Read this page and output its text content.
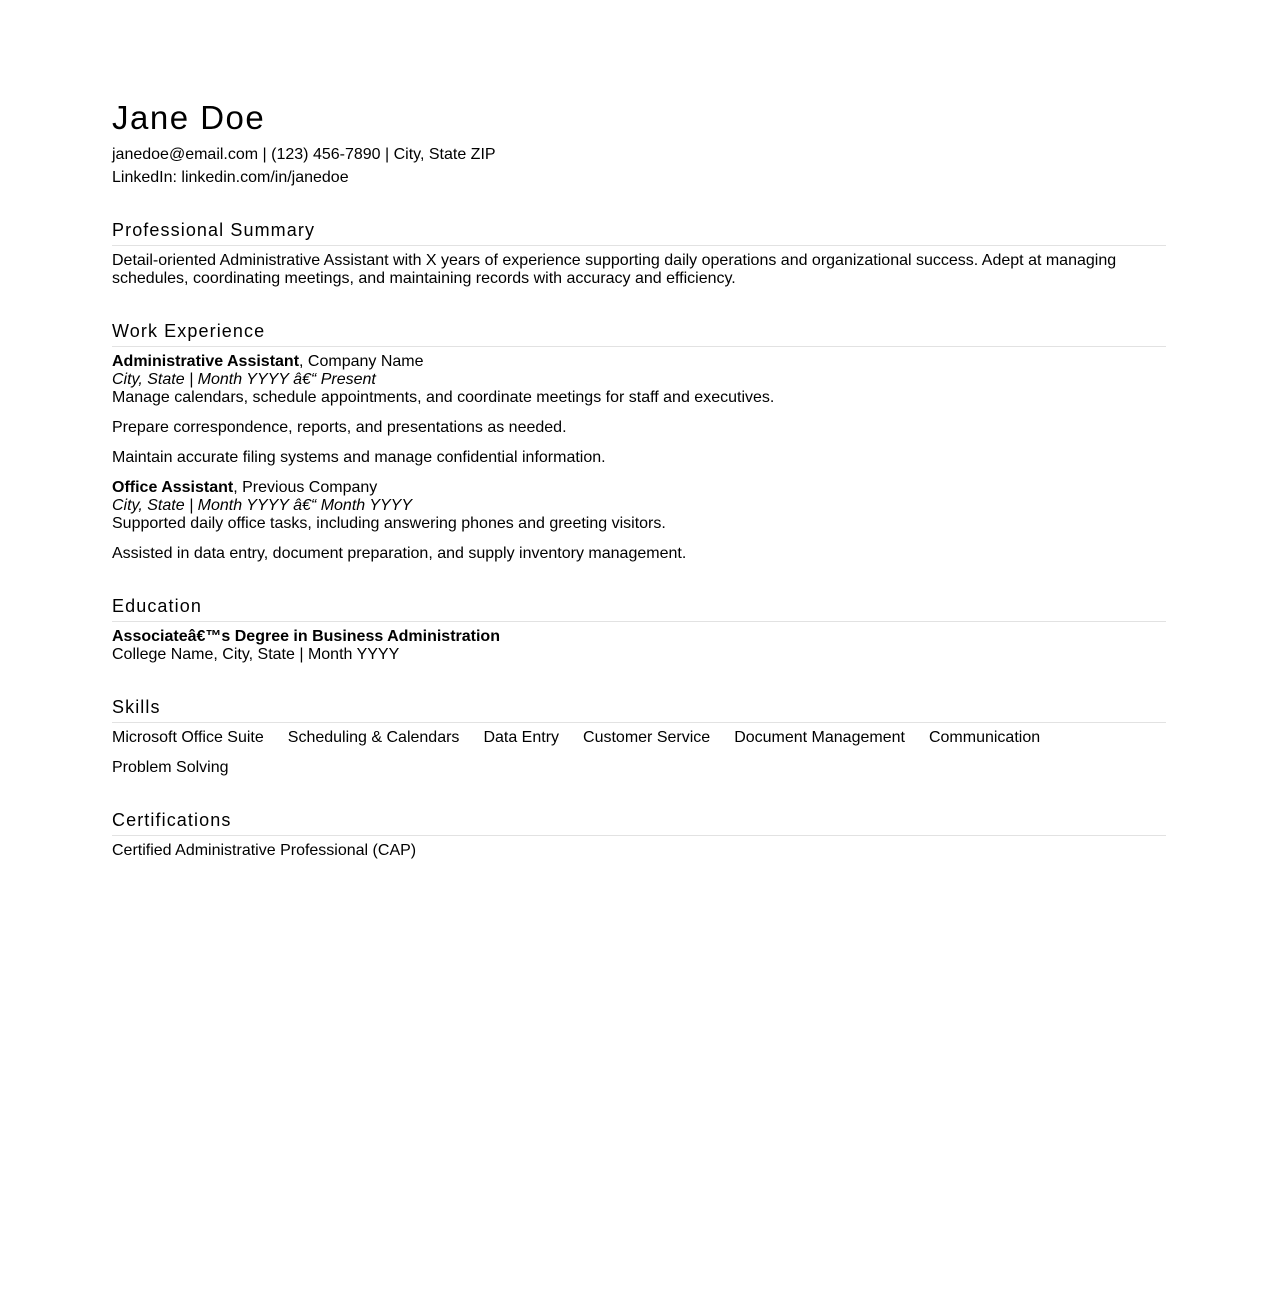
Jane Doe
janedoe@email.com | (123) 456-7890 | City, State ZIP
LinkedIn: linkedin.com/in/janedoe
Professional Summary

Detail-oriented Administrative Assistant with X years of experience supporting daily operations and organizational success. Adept at managing schedules, coordinating meetings, and maintaining records with accuracy and efficiency.

Work Experience
Administrative Assistant, Company Name
City, State | Month YYYY â€“ Present
Manage calendars, schedule appointments, and coordinate meetings for staff and executives.
Prepare correspondence, reports, and presentations as needed.
Maintain accurate filing systems and manage confidential information.
Office Assistant, Previous Company
City, State | Month YYYY â€“ Month YYYY
Supported daily office tasks, including answering phones and greeting visitors.
Assisted in data entry, document preparation, and supply inventory management.
Education
Associateâ€™s Degree in Business Administration
College Name, City, State | Month YYYY
Skills
Microsoft Office Suite Scheduling & Calendars Data Entry Customer Service Document Management Communication
Problem Solving
Certifications
Certified Administrative Professional (CAP)
